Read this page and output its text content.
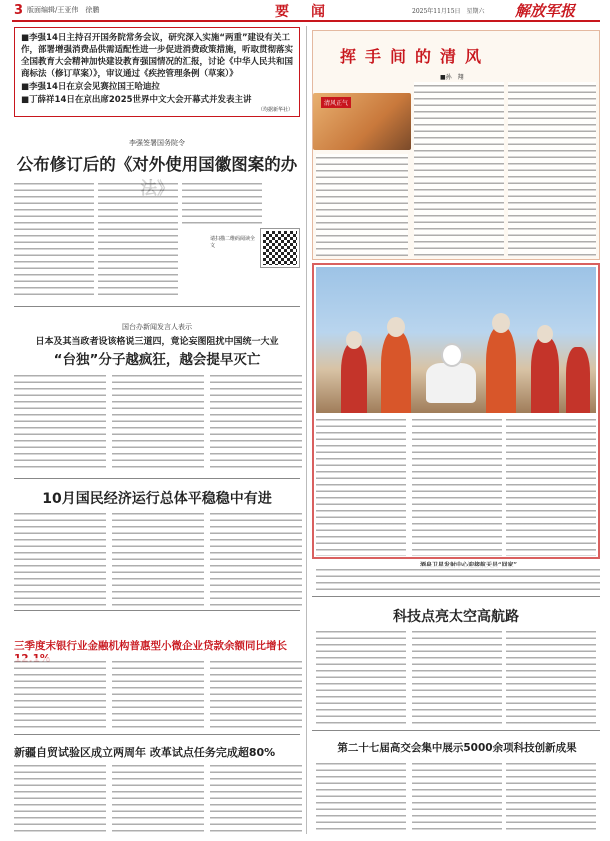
3 版面编辑/王亚伟　徐鹏	要　闻	2025年11月15日　星期六 解放军报

■李强14日主持召开国务院常务会议，研究深入实施“两重”建设有关工作，部署增强消费品供需适配性进一步促进消费政策措施，听取贯彻落实全国教育大会精神加快建设教育强国情况的汇报，讨论《中华人民共和国商标法（修订草案）》，审议通过《疾控管理条例（草案）》

■李强14日在京会见赛拉国王哈迪拉

■丁薛祥14日在京出席2025世界中文大会开幕式并发表主讲

（均据新华社）
李强签署国务院令
公布修订后的《对外使用国徽图案的办
请扫描二维码阅读全文
国台办新闻发言人表示
日本及其当政者设该格说三道四，竟论妄图阻扰中国统一大业
“台独”分子越疯狂，越会提早灭亡
10月国民经济运行总体平稳稳中有进
三季度末银行业金融机构普惠型小微企业贷款余额同比增长
新疆自贸试验区成立两周年 改革试点任务完成超80%
挥手间的清风
■孙　翔
清风正气
科技点亮太空高航路
第二十七届高交会集中展示5000余项科技创新成果
